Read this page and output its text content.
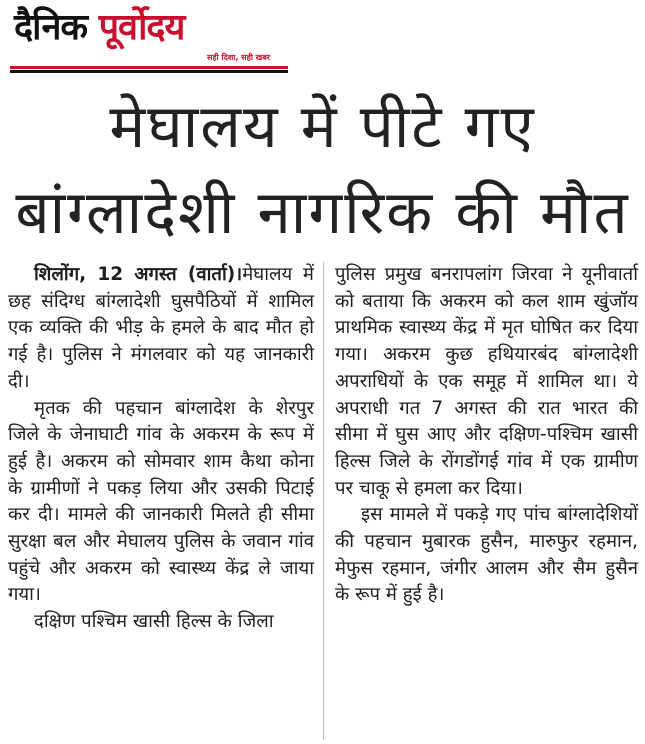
दैनिक पूर्वोदय
सही दिशा, सही खबर
मेघालय में पीटे गए
बांग्लादेशी नागरिक की मौत

शिलोंग, 12 अगस्त (वार्ता)।मेघालय में छह संदिग्ध बांग्लादेशी घुसपैठियों में शामिल एक व्यक्ति की भीड़ के हमले के बाद मौत हो गई है। पुलिस ने मंगलवार को यह जानकारी दी।

मृतक की पहचान बांग्लादेश के शेरपुर जिले के जेनाघाटी गांव के अकरम के रूप में हुई है। अकरम को सोमवार शाम कैथा कोना के ग्रामीणों ने पकड़ लिया और उसकी पिटाई कर दी। मामले की जानकारी मिलते ही सीमा सुरक्षा बल और मेघालय पुलिस के जवान गांव पहुंचे और अकरम को स्वास्थ्य केंद्र ले जाया गया।

दक्षिण पश्चिम खासी हिल्स के जिला

पुलिस प्रमुख बनरापलांग जिरवा ने यूनीवार्ता को बताया कि अकरम को कल शाम खुंजॉय प्राथमिक स्वास्थ्य केंद्र में मृत घोषित कर दिया गया। अकरम कुछ हथियारबंद बांग्लादेशी अपराधियों के एक समूह में शामिल था। ये अपराधी गत 7 अगस्त की रात भारत की सीमा में घुस आए और दक्षिण-पश्चिम खासी हिल्स जिले के रोंगडोंगई गांव में एक ग्रामीण पर चाकू से हमला कर दिया।

इस मामले में पकड़े गए पांच बांग्लादेशियों की पहचान मुबारक हुसैन, मारुफुर रहमान, मेफुस रहमान, जंगीर आलम और सैम हुसैन के रूप में हुई है।
